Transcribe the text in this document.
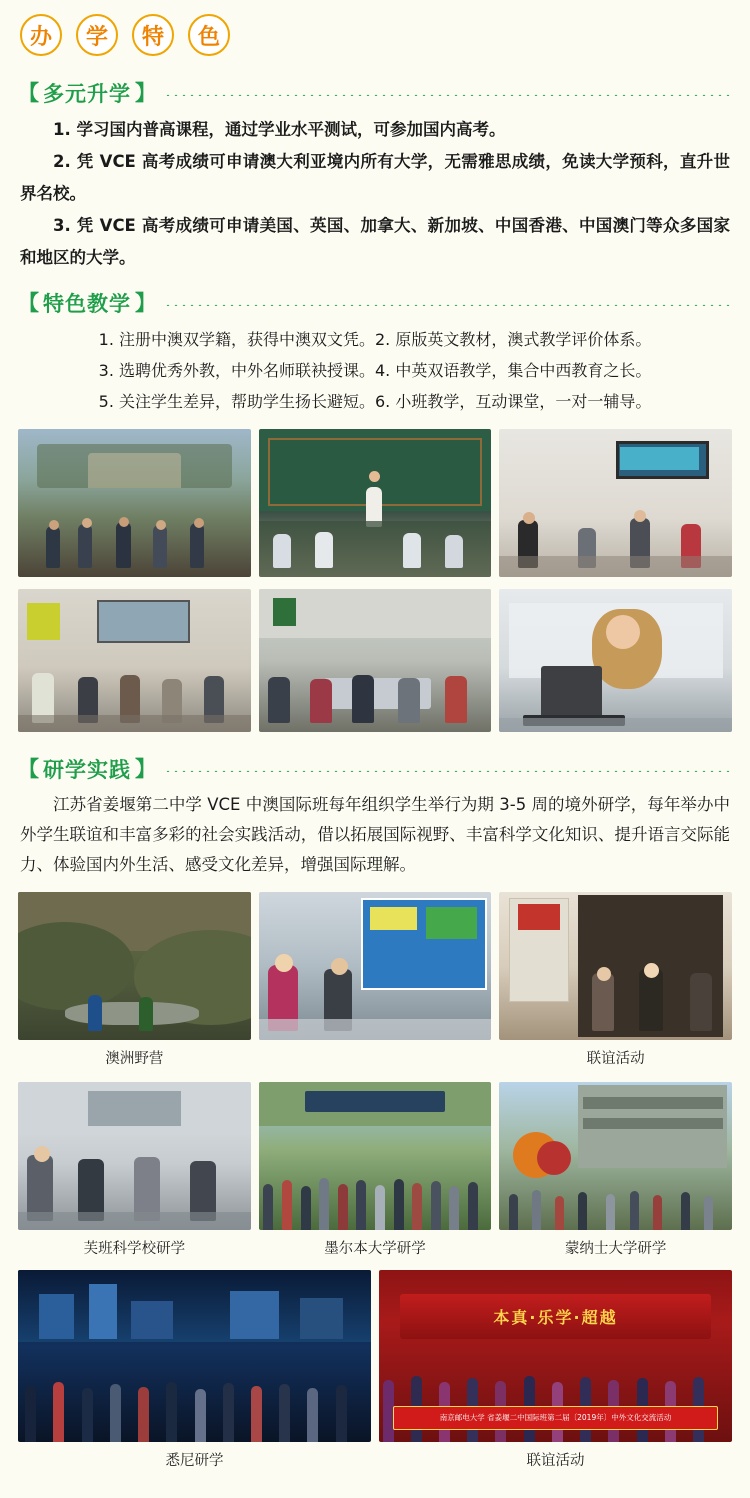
办	学	特	色
【 多元升学 】

1. 学习国内普高课程，通过学业水平测试，可参加国内高考。

2. 凭 VCE 高考成绩可申请澳大利亚境内所有大学，无需雅思成绩，免读大学预科，直升世界名校。

3. 凭 VCE 高考成绩可申请美国、英国、加拿大、新加坡、中国香港、中国澳门等众多国家和地区的大学。

【 特色教学 】
1. 注册中澳双学籍，获得中澳双文凭。2. 原版英文教材，澳式教学评价体系。
3. 选聘优秀外教，中外名师联袂授课。4. 中英双语教学，集合中西教育之长。
5. 关注学生差异，帮助学生扬长避短。6. 小班教学，互动课堂，一对一辅导。
【 研学实践 】

江苏省姜堰第二中学 VCE 中澳国际班每年组织学生举行为期 3-5 周的境外研学，每年举办中外学生联谊和丰富多彩的社会实践活动，借以拓展国际视野、丰富科学文化知识、提升语言交际能力、体验国内外生活、感受文化差异，增强国际理解。

澳洲野营	联谊活动
芙班科学校研学	墨尔本大学研学	蒙纳士大学研学
悉尼研学
本真·乐学·超越
南京邮电大学 省姜堰二中国际班第二届〔2019年〕中外文化交流活动
联谊活动
